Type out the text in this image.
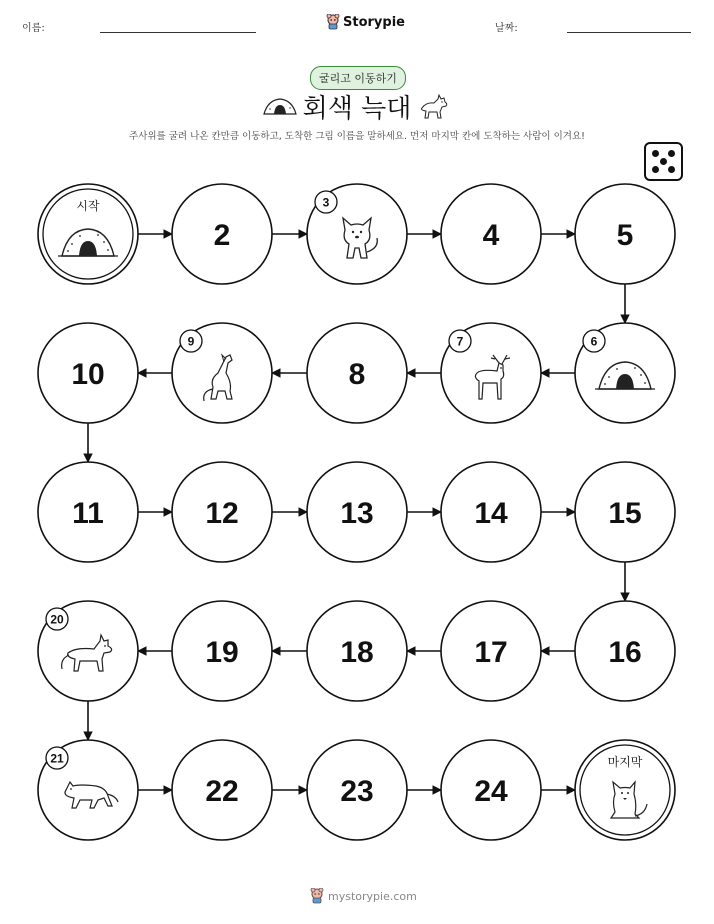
이름:	Storypie	날짜:
굴리고 이동하기
회색 늑대
주사위를 굴려 나온 칸만큼 이동하고, 도착한 그림 이름을 말하세요. 먼저 마지막 칸에 도착하는 사람이 이겨요!
시작
2
3
4	5
6
7
8
9
10
11	12	13	14	15
16
17
18
19
20
21
22	23	24
마지막
mystorypie.com
